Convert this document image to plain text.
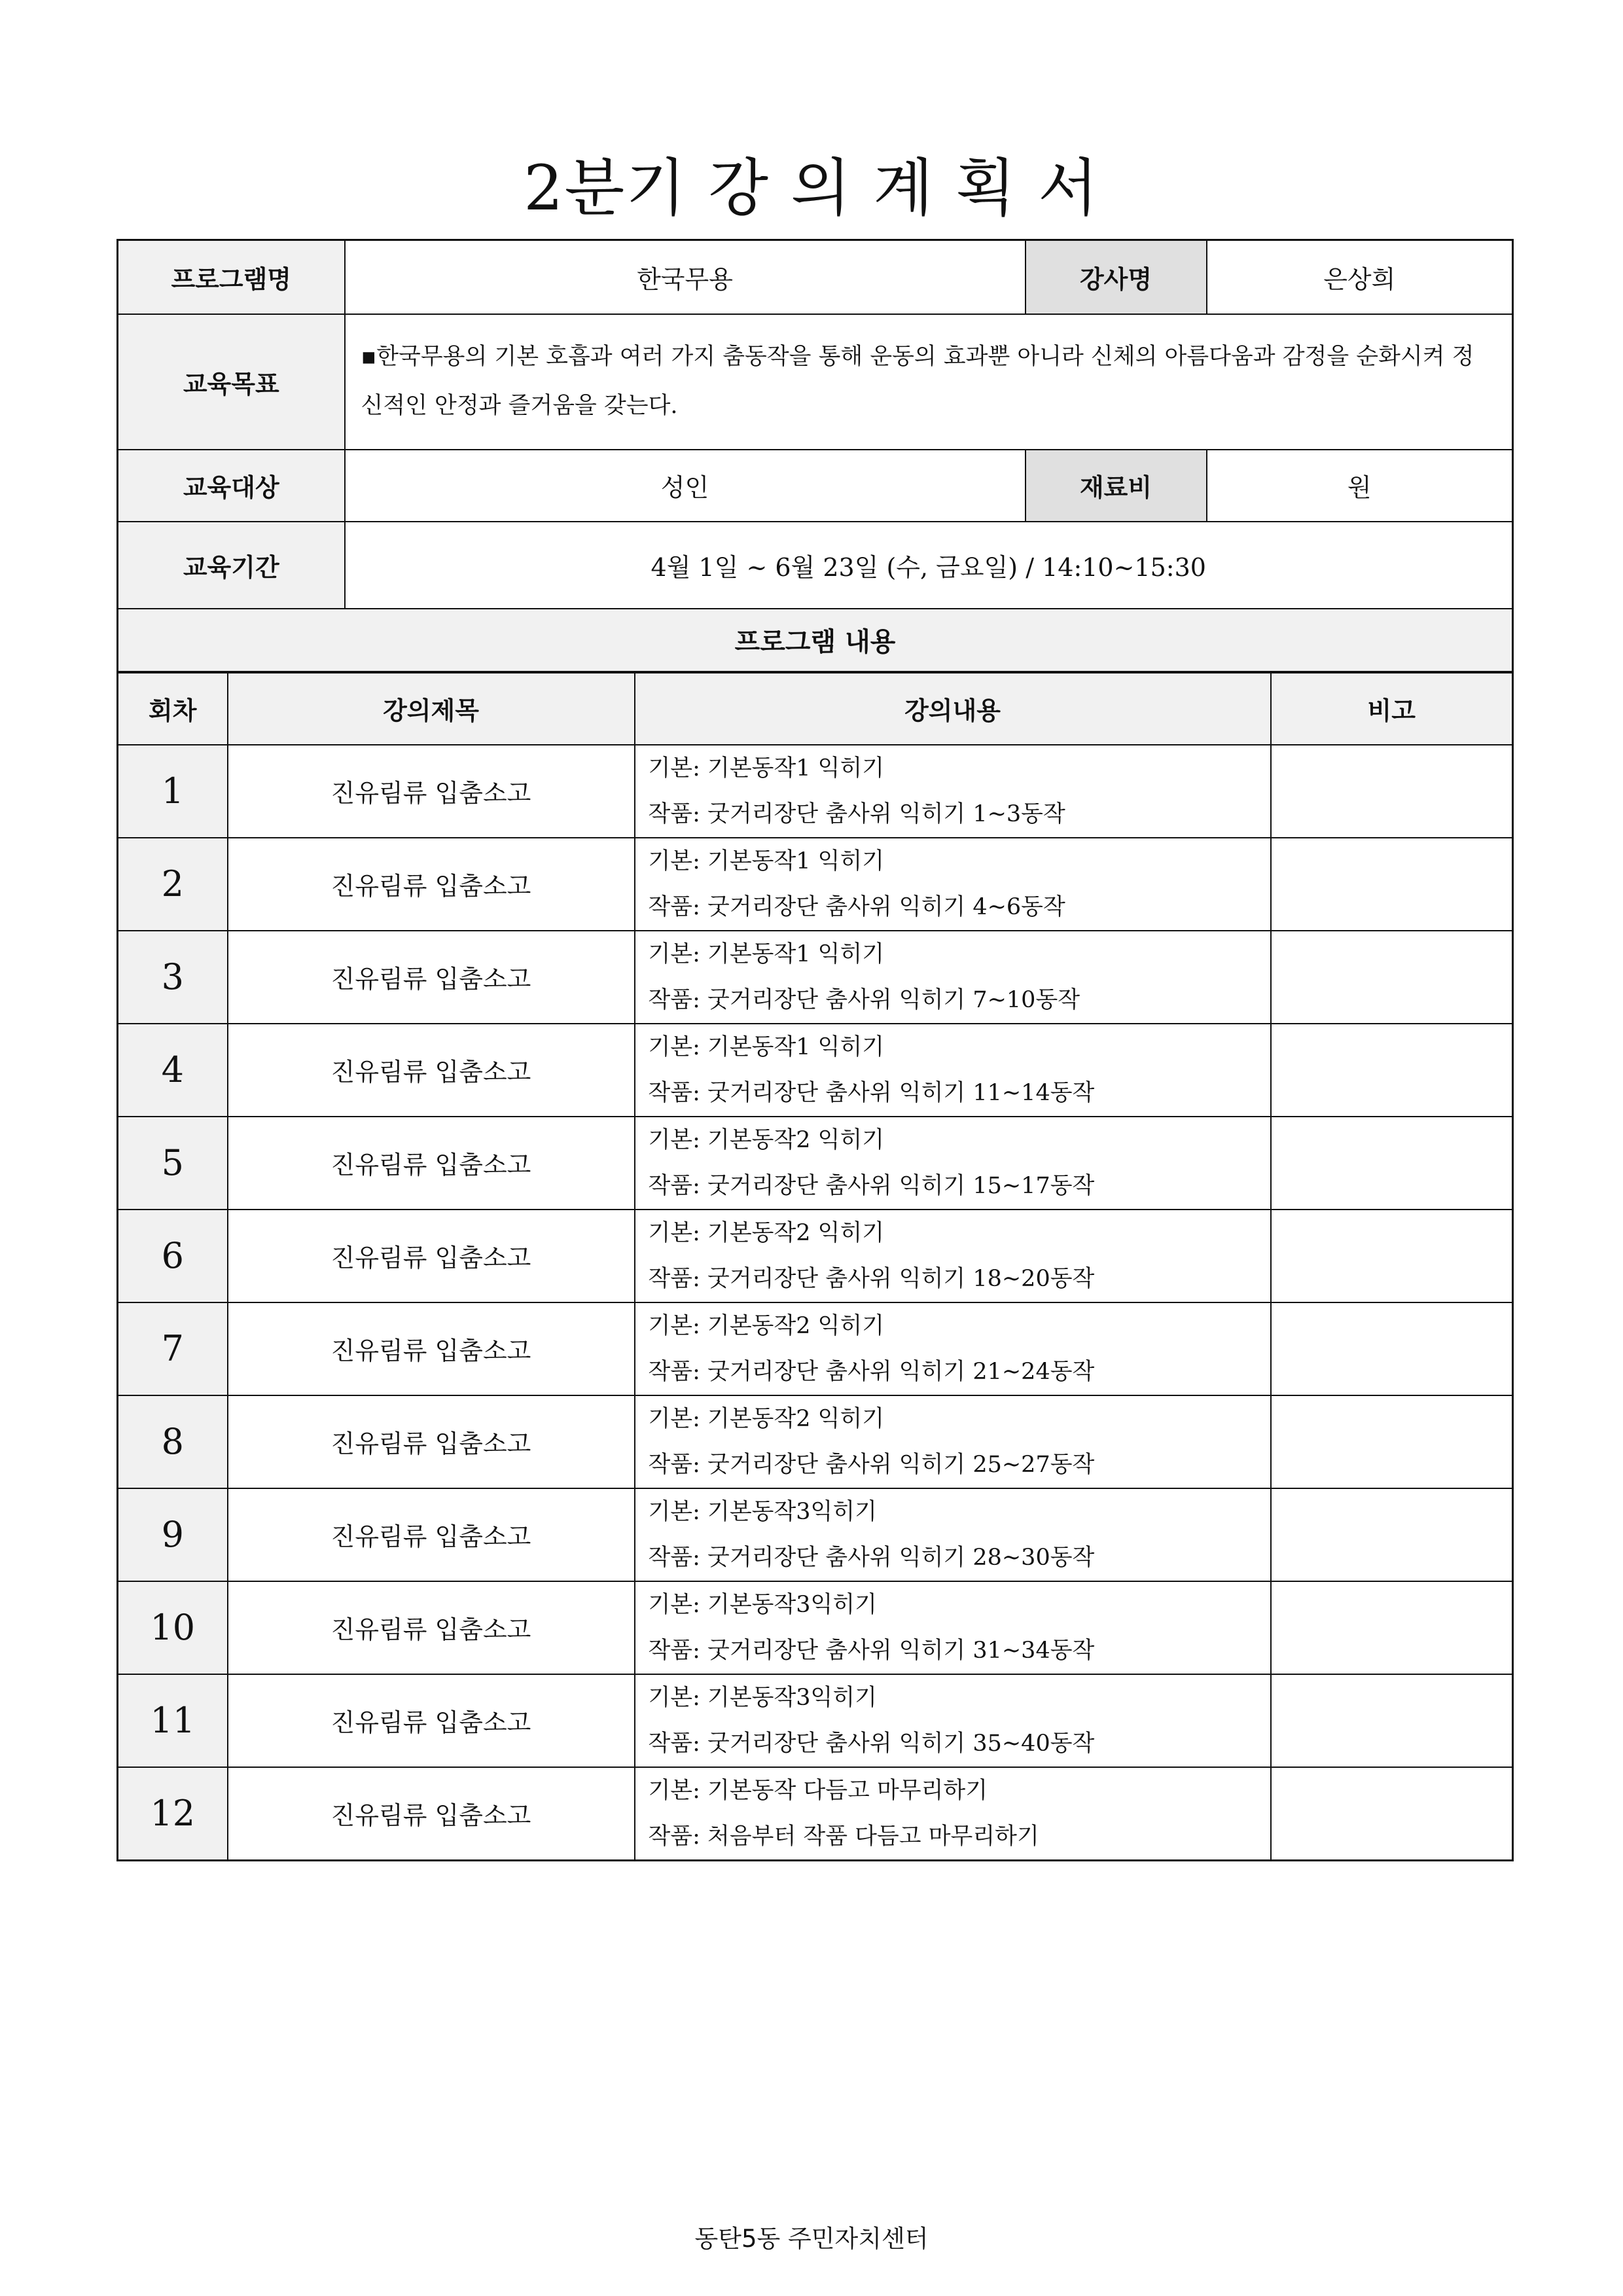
2분기 강 의 계 획 서
프로그램명	한국무용	강사명	은상희
교육목표	▪한국무용의 기본 호흡과 여러 가지 춤동작을 통해 운동의 효과뿐 아니라 신체의 아름다움과 감정을 순화시켜 정신적인 안정과 즐거움을 갖는다.		
교육대상	성인	재료비	원
교육기간	4월 1일 ~ 6월 23일 (수, 금요일) / 14:10~15:30		
프로그램 내용			
회차	강의제목	강의내용	비고
1	진유림류 입춤소고	기본: 기본동작1 익히기
작품: 굿거리장단 춤사위 익히기 1~3동작	

2	진유림류 입춤소고	기본: 기본동작1 익히기
작품: 굿거리장단 춤사위 익히기 4~6동작	

3	진유림류 입춤소고	기본: 기본동작1 익히기
작품: 굿거리장단 춤사위 익히기 7~10동작	

4	진유림류 입춤소고	기본: 기본동작1 익히기
작품: 굿거리장단 춤사위 익히기 11~14동작	

5	진유림류 입춤소고	기본: 기본동작2 익히기
작품: 굿거리장단 춤사위 익히기 15~17동작	

6	진유림류 입춤소고	기본: 기본동작2 익히기
작품: 굿거리장단 춤사위 익히기 18~20동작	

7	진유림류 입춤소고	기본: 기본동작2 익히기
작품: 굿거리장단 춤사위 익히기 21~24동작	

8	진유림류 입춤소고	기본: 기본동작2 익히기
작품: 굿거리장단 춤사위 익히기 25~27동작	

9	진유림류 입춤소고	기본: 기본동작3익히기
작품: 굿거리장단 춤사위 익히기 28~30동작	

10	진유림류 입춤소고	기본: 기본동작3익히기
작품: 굿거리장단 춤사위 익히기 31~34동작	

11	진유림류 입춤소고	기본: 기본동작3익히기
작품: 굿거리장단 춤사위 익히기 35~40동작	

12	진유림류 입춤소고	기본: 기본동작 다듬고 마무리하기
작품: 처음부터 작품 다듬고 마무리하기	

동탄5동 주민자치센터
